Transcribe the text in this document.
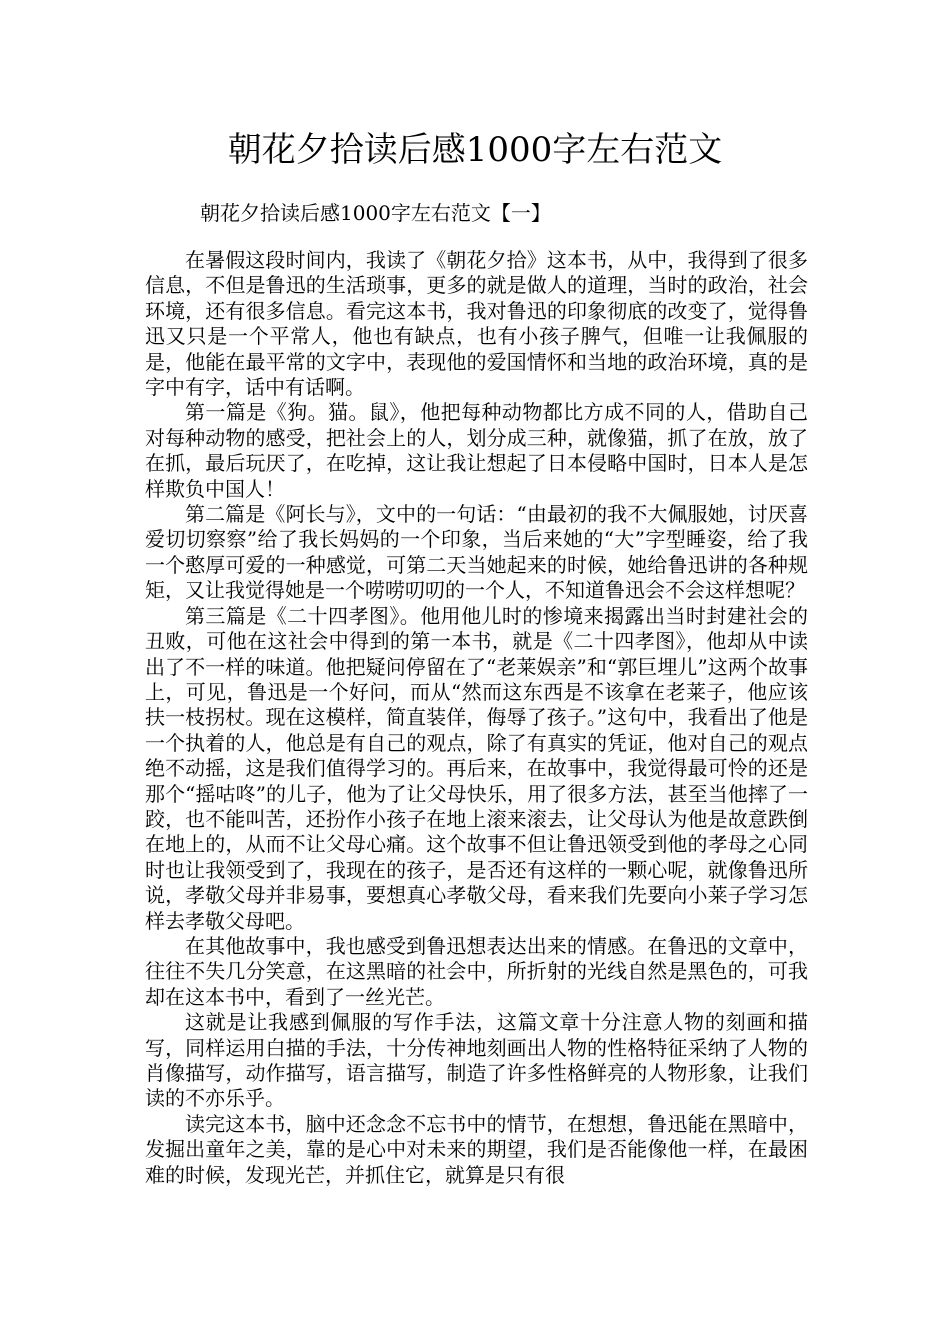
朝花夕拾读后感1000字左右范文
朝花夕拾读后感1000字左右范文【一】

在暑假这段时间内，我读了《朝花夕拾》这本书，从中，我得到了很多信息，不但是鲁迅的生活琐事，更多的就是做人的道理，当时的政治，社会环境，还有很多信息。看完这本书，我对鲁迅的印象彻底的改变了，觉得鲁迅又只是一个平常人，他也有缺点，也有小孩子脾气，但唯一让我佩服的是，他能在最平常的文字中，表现他的爱国情怀和当地的政治环境，真的是字中有字，话中有话啊。

第一篇是《狗。猫。鼠》，他把每种动物都比方成不同的人，借助自己对每种动物的感受，把社会上的人，划分成三种，就像猫，抓了在放，放了在抓，最后玩厌了，在吃掉，这让我让想起了日本侵略中国时，日本人是怎样欺负中国人！

第二篇是《阿长与》，文中的一句话：“由最初的我不大佩服她，讨厌喜爱切切察察”给了我长妈妈的一个印象，当后来她的“大”字型睡姿，给了我一个憨厚可爱的一种感觉，可第二天当她起来的时候，她给鲁迅讲的各种规矩，又让我觉得她是一个唠唠叨叨的一个人，不知道鲁迅会不会这样想呢？

第三篇是《二十四孝图》。他用他儿时的惨境来揭露出当时封建社会的丑败，可他在这社会中得到的第一本书，就是《二十四孝图》，他却从中读出了不一样的味道。他把疑问停留在了“老莱娱亲”和“郭巨埋儿”这两个故事上，可见，鲁迅是一个好问，而从“然而这东西是不该拿在老莱子，他应该扶一枝拐杖。现在这模样，简直装佯，侮辱了孩子。”这句中，我看出了他是一个执着的人，他总是有自己的观点，除了有真实的凭证，他对自己的观点绝不动摇，这是我们值得学习的。再后来，在故事中，我觉得最可怜的还是那个“摇咕咚”的儿子，他为了让父母快乐，用了很多方法，甚至当他摔了一跤，也不能叫苦，还扮作小孩子在地上滚来滚去，让父母认为他是故意跌倒在地上的，从而不让父母心痛。这个故事不但让鲁迅领受到他的孝母之心同时也让我领受到了，我现在的孩子，是否还有这样的一颗心呢，就像鲁迅所说，孝敬父母并非易事，要想真心孝敬父母，看来我们先要向小莱子学习怎样去孝敬父母吧。

在其他故事中，我也感受到鲁迅想表达出来的情感。在鲁迅的文章中，往往不失几分笑意，在这黑暗的社会中，所折射的光线自然是黑色的，可我却在这本书中，看到了一丝光芒。

这就是让我感到佩服的写作手法，这篇文章十分注意人物的刻画和描写，同样运用白描的手法，十分传神地刻画出人物的性格特征采纳了人物的肖像描写，动作描写，语言描写，制造了许多性格鲜亮的人物形象，让我们读的不亦乐乎。

读完这本书，脑中还念念不忘书中的情节，在想想，鲁迅能在黑暗中，发掘出童年之美，靠的是心中对未来的期望，我们是否能像他一样，在最困难的时候，发现光芒，并抓住它，就算是只有很
